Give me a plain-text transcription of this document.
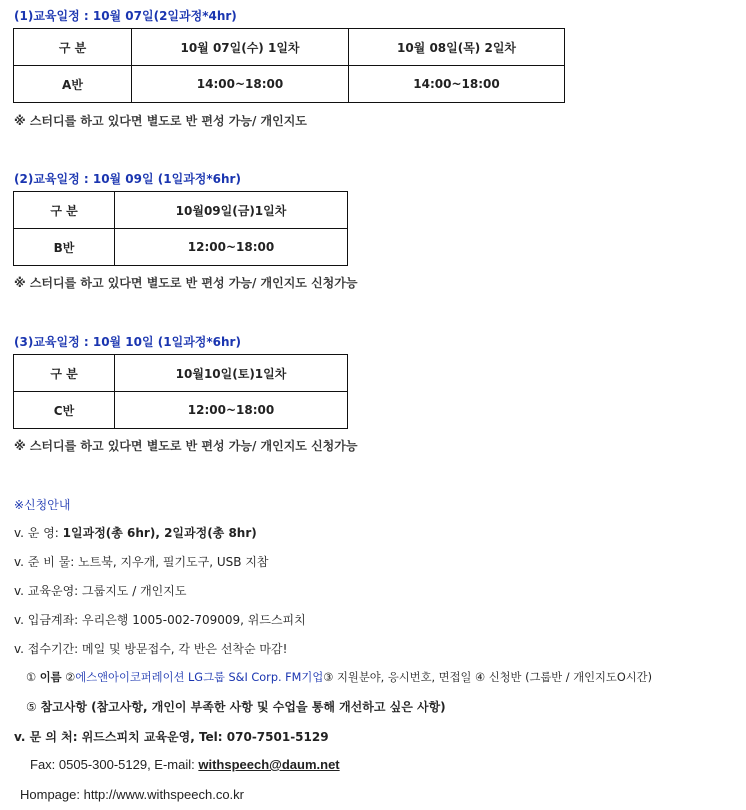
(1)교육일정 : 10월 07일(2일과정*4hr)
구 분	10월 07일(수) 1일차	10월 08일(목) 2일차
A반	14:00~18:00	14:00~18:00
※ 스터디를 하고 있다면 별도로 반 편성 가능/ 개인지도
(2)교육일정 : 10월 09일 (1일과정*6hr)
구 분	10월09일(금)1일차
B반	12:00~18:00
※ 스터디를 하고 있다면 별도로 반 편성 가능/ 개인지도 신청가능
(3)교육일정 : 10월 10일 (1일과정*6hr)
구 분	10월10일(토)1일차
C반	12:00~18:00
※ 스터디를 하고 있다면 별도로 반 편성 가능/ 개인지도 신청가능
※신청안내
v. 운 영: 1일과정(총 6hr), 2일과정(총 8hr)
v. 준 비 물: 노트북, 지우개, 필기도구, USB 지참
v. 교육운영: 그룹지도 / 개인지도
v. 입금계좌: 우리은행 1005-002-709009, 위드스피치
v. 접수기간: 메일 및 방문접수, 각 반은 선착순 마감!
① 이름 ②에스앤아이코퍼레이션 LG그룹 S&I Corp. FM기업③ 지원분야, 응시번호, 면접일 ④ 신청반 (그룹반 / 개인지도O시간)
⑤ 참고사항 (참고사항, 개인이 부족한 사항 및 수업을 통해 개선하고 싶은 사항)
v. 문 의 처: 위드스피치 교육운영, Tel: 070-7501-5129
Fax: 0505-300-5129, E-mail: withspeech@daum.net
Hompage: http://www.withspeech.co.kr
